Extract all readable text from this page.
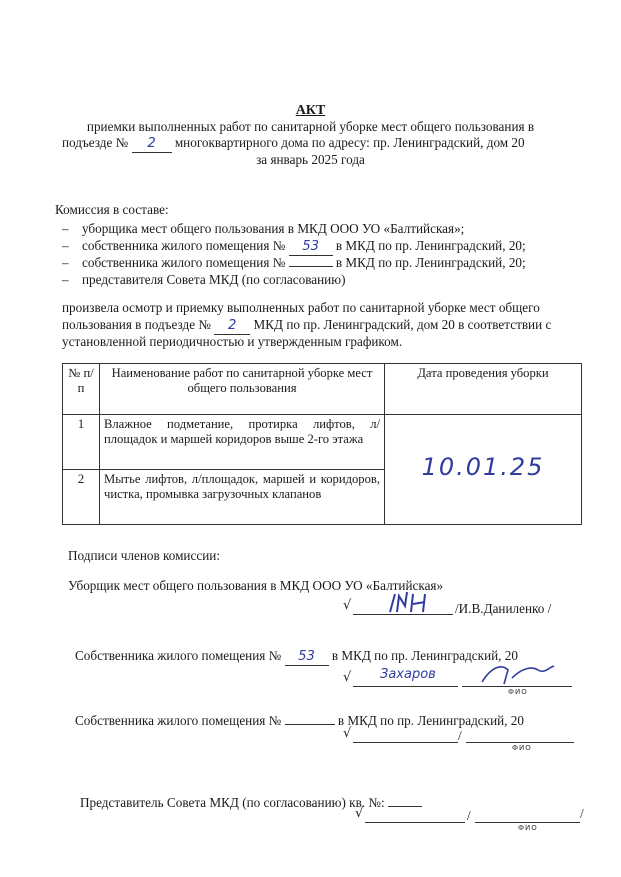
АКТ
приемки выполненных работ по санитарной уборке мест общего пользования в
подъезде № 2 многоквартирного дома по адресу: пр. Ленинградский, дом 20
за январь 2025 года
Комиссия в составе:
– уборщика мест общего пользования в МКД ООО УО «Балтийская»;
– собственника жилого помещения № 53 в МКД по пр. Ленинградский, 20;
– собственника жилого помещения №	в МКД по пр. Ленинградский, 20;
– представителя Совета МКД (по согласованию)
произвела осмотр и приемку выполненных работ по санитарной уборке мест общего
пользования в подъезде № 2 МКД по пр. Ленинградский, дом 20 в соответствии с
установленной периодичностью и утвержденным графиком.
№ п/п	Наименование работ по санитарной уборке мест общего пользования	Дата проведения уборки
1	Влажное подметание, протирка лифтов, л/площадок и маршей коридоров выше 2-го этажа	10.01.25
2	Мытье лифтов, л/площадок, маршей и коридоров, чистка, промывка загрузочных клапанов	
Подписи членов комиссии:
Уборщик мест общего пользования в МКД ООО УО «Балтийская»
√	/И.В.Даниленко /
Собственника жилого помещения № 53 в МКД по пр. Ленинградский, 20
√ Захаров
ФИО
Собственника жилого помещения №	в МКД по пр. Ленинградский, 20
√	/
ФИО
Представитель Совета МКД (по согласованию) кв. №:
√	/	/
ФИО
